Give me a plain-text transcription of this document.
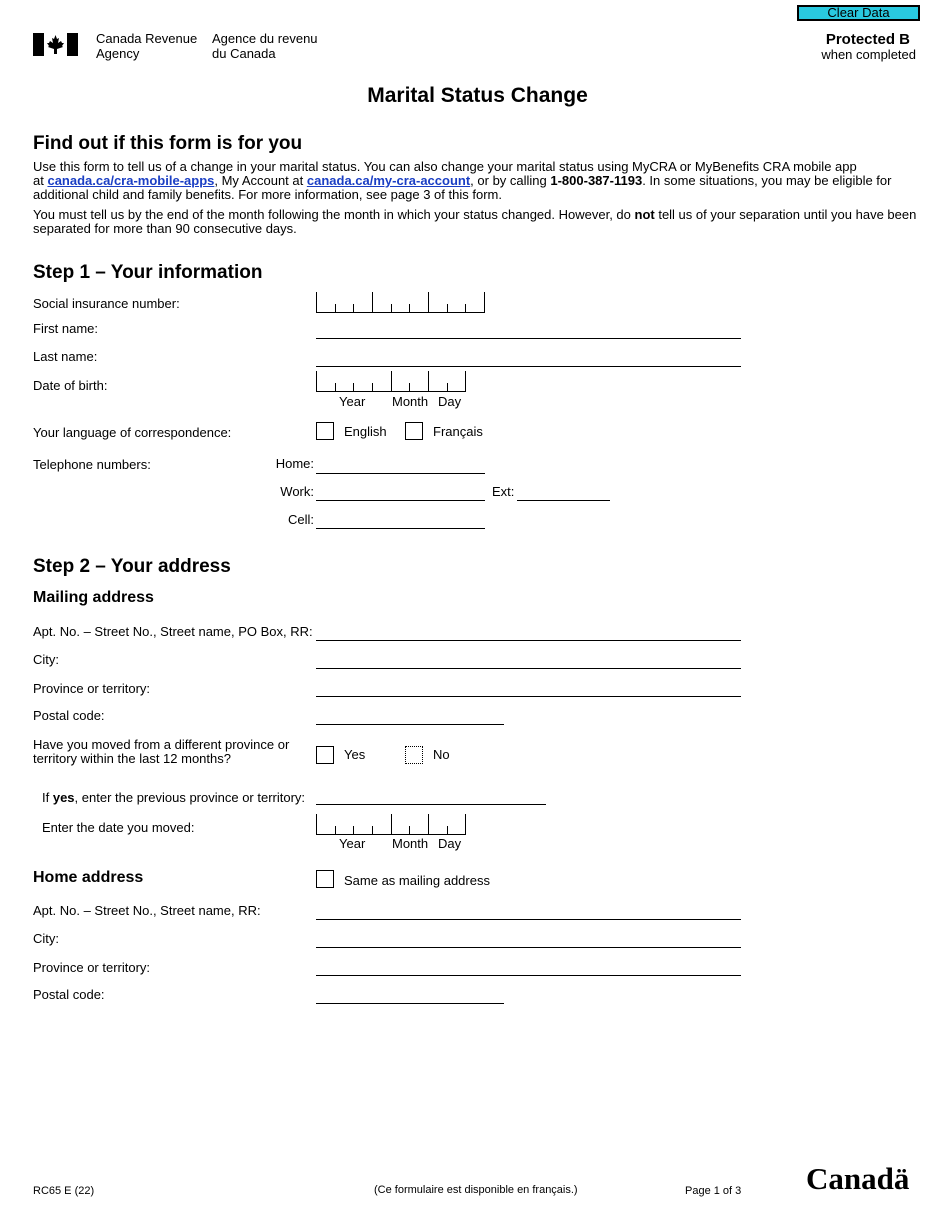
Canada Revenue
Agency
Agence du revenu
du Canada
Clear Data
Protected B
when completed
Marital Status Change
Find out if this form is for you
Use this form to tell us of a change in your marital status. You can also change your marital status using MyCRA or MyBenefits CRA mobile app
at canada.ca/cra-mobile-apps, My Account at canada.ca/my-cra-account, or by calling 1-800-387-1193. In some situations, you may be eligible for
additional child and family benefits. For more information, see page 3 of this form.
You must tell us by the end of the month following the month in which your status changed. However, do not tell us of your separation until you have been
separated for more than 90 consecutive days.
Step 1 – Your information
Social insurance number:
First name:
Last name:
Date of birth:
Year Month Day
Your language of correspondence:	English	Français
Telephone numbers:	Home:
Work:	Ext:
Cell:
Step 2 – Your address
Mailing address
Apt. No. – Street No., Street name, PO Box, RR:
City:
Province or territory:
Postal code:
Have you moved from a different province or
territory within the last 12 months?	Yes	No
If yes, enter the previous province or territory:
Enter the date you moved:
Year Month Day
Home address	Same as mailing address
Apt. No. – Street No., Street name, RR:
City:
Province or territory:
Postal code:
RC65 E (22)	(Ce formulaire est disponible en français.)	Page 1 of 3 Canadä
